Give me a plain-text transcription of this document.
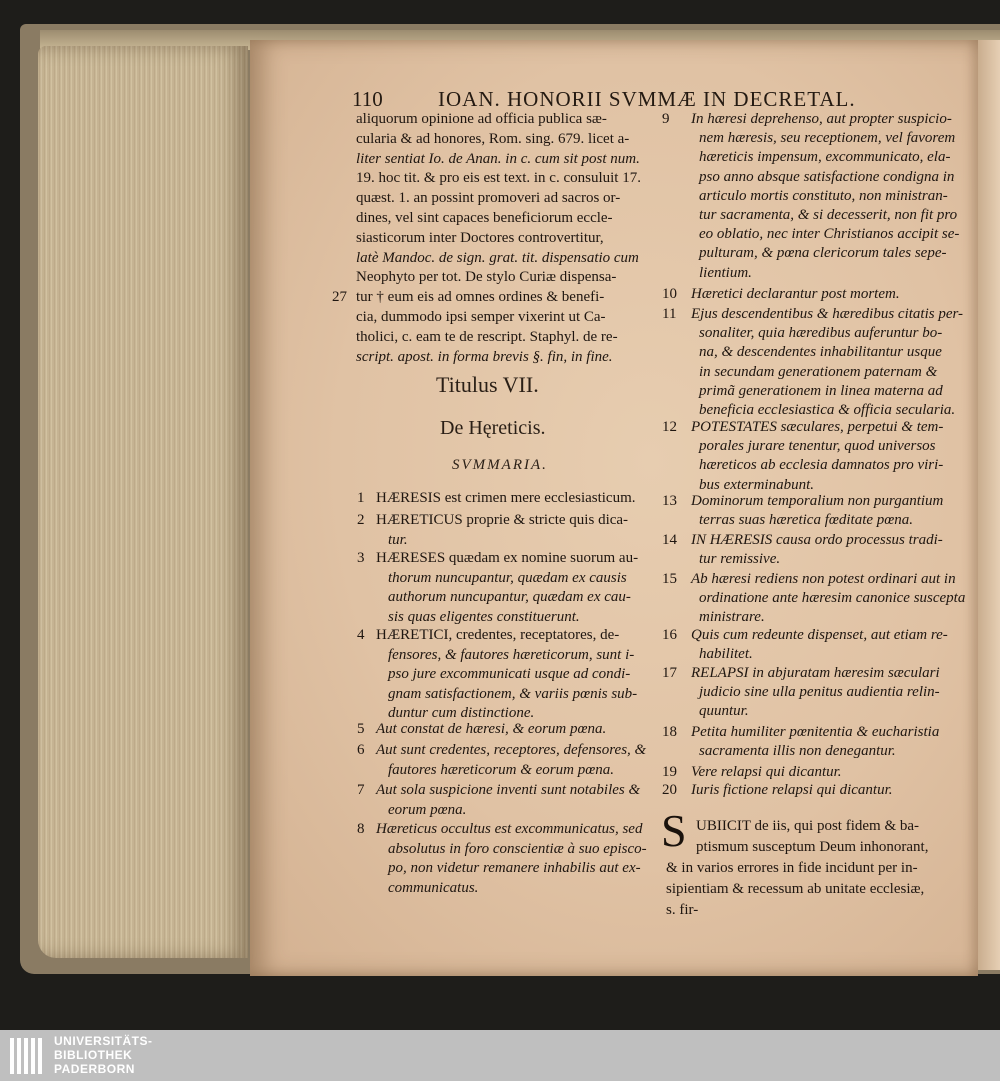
110	IOAN. HONORII SVMMÆ IN DECRETAL.
aliquorum opinione ad officia publica sæ-
cularia & ad honores, Rom. sing. 679. licet a-
liter sentiat Io. de Anan. in c. cum sit post num.
19. hoc tit. & pro eis est text. in c. consuluit 17.
quæst. 1. an possint promoveri ad sacros or-
dines, vel sint capaces beneficiorum eccle-
siasticorum inter Doctores controvertitur,
latè Mandoc. de sign. grat. tit. dispensatio cum
Neophyto per tot. De stylo Curiæ dispensa-
tur † eum eis ad omnes ordines & benefi-
cia, dummodo ipsi semper vixerint ut Ca-
tholici, c. eam te de rescript. Staphyl. de re-
script. apost. in forma brevis §. fin, in fine.
27
Titulus VII.
De Hęreticis.
SVMMARIA.
1 HÆRESIS est crimen mere ecclesiasticum.
2 HÆRETICUS proprie & stricte quis dica-
tur.
3 HÆRESES quædam ex nomine suorum au-
thorum nuncupantur, quædam ex causis
authorum nuncupantur, quædam ex cau-
sis quas eligentes constituerunt.
4 HÆRETICI, credentes, receptatores, de-
fensores, & fautores hæreticorum, sunt i-
pso jure excommunicati usque ad condi-
gnam satisfactionem, & variis pœnis sub-
duntur cum distinctione.
5 Aut constat de hæresi, & eorum pœna.
6 Aut sunt credentes, receptores, defensores, &
fautores hæreticorum & eorum pœna.
7 Aut sola suspicione inventi sunt notabiles &
eorum pœna.
8 Hæreticus occultus est excommunicatus, sed
absolutus in foro conscientiæ à suo episco-
po, non videtur remanere inhabilis aut ex-
communicatus.
9 In hæresi deprehenso, aut propter suspicio-
nem hæresis, seu receptionem, vel favorem
hæreticis impensum, excommunicato, ela-
pso anno absque satisfactione condigna in
articulo mortis constituto, non ministran-
tur sacramenta, & si decesserit, non fit pro
eo oblatio, nec inter Christianos accipit se-
pulturam, & pœna clericorum tales sepe-
lientium.
10 Hæretici declarantur post mortem.
11 Ejus descendentibus & hæredibus citatis per-
sonaliter, quia hæredibus auferuntur bo-
na, & descendentes inhabilitantur usque
in secundam generationem paternam &
primã generationem in linea materna ad
beneficia ecclesiastica & officia secularia.
12 POTESTATES sæculares, perpetui & tem-
porales jurare tenentur, quod universos
hæreticos ab ecclesia damnatos pro viri-
bus exterminabunt.
13 Dominorum temporalium non purgantium
terras suas hæretica fœditate pœna.
14 IN HÆRESIS causa ordo processus tradi-
tur remissive.
15 Ab hæresi rediens non potest ordinari aut in
ordinatione ante hæresim canonice suscepta
ministrare.
16 Quis cum redeunte dispenset, aut etiam re-
habilitet.
17 RELAPSI in abjuratam hæresim sæculari
judicio sine ulla penitus audientia relin-
quuntur.
18 Petita humiliter pœnitentia & eucharistia
sacramenta illis non denegantur.
19 Vere relapsi qui dicantur.
20 Iuris fictione relapsi qui dicantur.
S UBIICIT de iis, qui post fidem & ba-
ptismum susceptum Deum inhonorant,
& in varios errores in fide incidunt per in-
sipientiam & recessum ab unitate ecclesiæ,
s. fir-
UNIVERSITÄTS-
BIBLIOTHEK
PADERBORN
